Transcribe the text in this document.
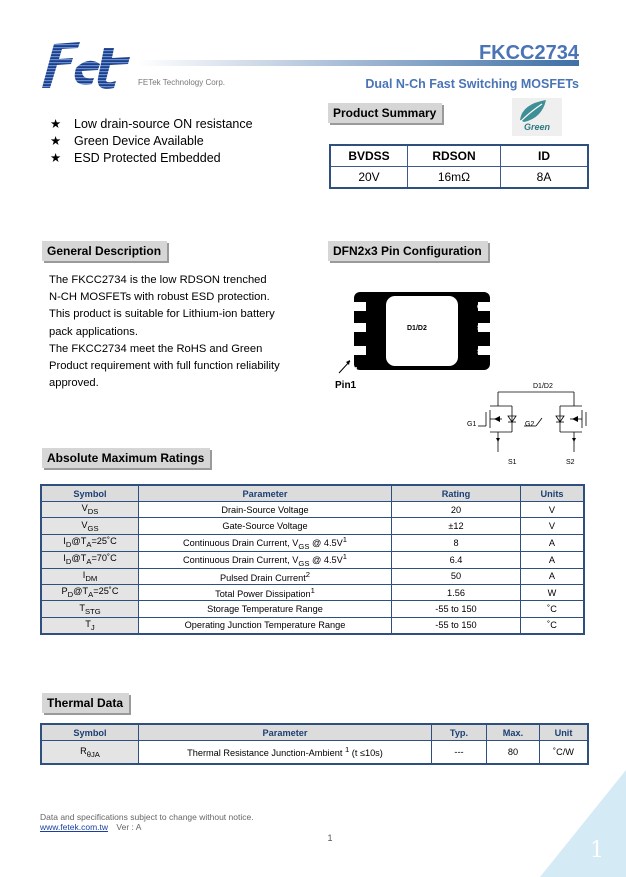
FETek Technology Corp.
FKCC2734
Dual N-Ch Fast Switching MOSFETs
★ Low drain-source ON resistance
★ Green Device Available
★ ESD Protected Embedded
Product Summary
Green
BVDSS	RDSON	ID
20V	16mΩ	8A
General Description
The FKCC2734 is the low RDSON trenched
N-CH MOSFETs with robust ESD protection.
This product is suitable for Lithium-ion battery
pack applications.
The FKCC2734 meet the RoHS and Green
Product requirement with full function reliability
approved.
DFN2x3 Pin Configuration
G1
S1
S1
G2
S2
S2
D1/D2
Pin1	D1/D2
G1	G2
S1	S2
Absolute Maximum Ratings
Symbol	Parameter	Rating	Units
$V_{DS}$	Drain-Source Voltage	20	V
$V_{GS}$	Gate-Source Voltage	±12	V
$I_D@T_A=25˚C$	Continuous Drain Current, $V_{GS}$ @ $4.5V^1$	8	A
$I_D@T_A=70˚C$	Continuous Drain Current, $V_{GS}$ @ $4.5V^1$	6.4	A
$I_{DM}$	Pulsed Drain Current$^2$	50	A
$P_D@T_A=25˚C$	Total Power Dissipation$^1$	1.56	W
$T_{STG}$	Storage Temperature Range	-55 to 150	˚C
$T_J$	Operating Junction Temperature Range	-55 to 150	˚C
Thermal Data
Symbol	Parameter	Typ.	Max.	Unit
$R_{\theta JA}$	Thermal Resistance Junction-Ambient $^1$ (t ≤10s)	---	80	˚C/W
Data and specifications subject to change without notice.
www.fetek.com.tw Ver : A
1	1
